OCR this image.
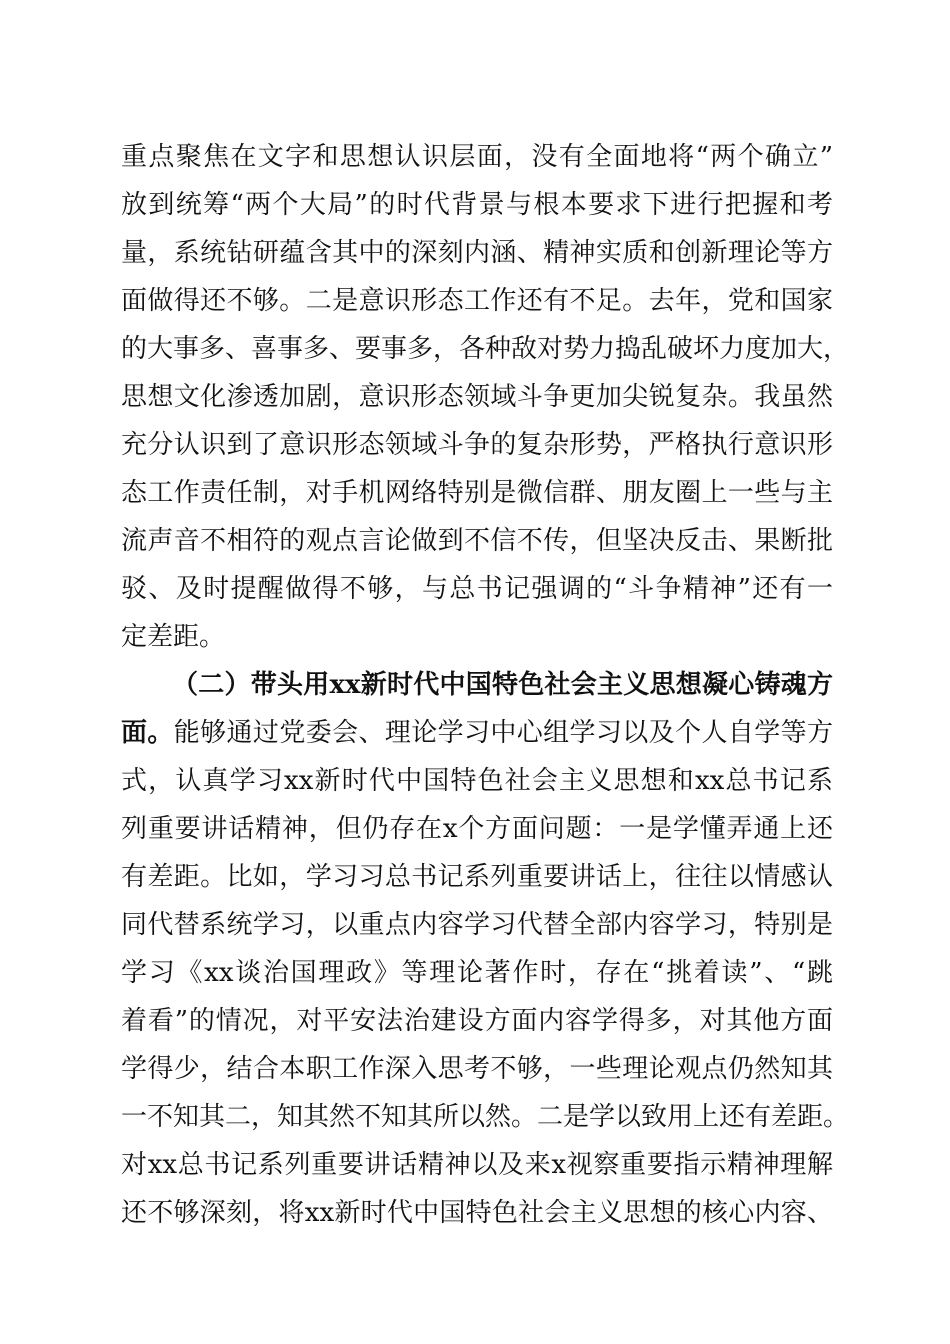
重点聚焦在文字和思想认识层面，没有全面地将“两个确立”
放到统筹“两个大局”的时代背景与根本要求下进行把握和考
量，系统钻研蕴含其中的深刻内涵、精神实质和创新理论等方
面做得还不够。二是意识形态工作还有不足。去年，党和国家
的大事多、喜事多、要事多，各种敌对势力捣乱破坏力度加大，
思想文化渗透加剧，意识形态领域斗争更加尖锐复杂。我虽然
充分认识到了意识形态领域斗争的复杂形势，严格执行意识形
态工作责任制，对手机网络特别是微信群、朋友圈上一些与主
流声音不相符的观点言论做到不信不传，但坚决反击、果断批
驳、及时提醒做得不够，与总书记强调的“斗争精神”还有一
定差距。
（二）带头用xx新时代中国特色社会主义思想凝心铸魂方
面。能够通过党委会、理论学习中心组学习以及个人自学等方
式，认真学习xx新时代中国特色社会主义思想和xx总书记系
列重要讲话精神，但仍存在x个方面问题：一是学懂弄通上还
有差距。比如，学习习总书记系列重要讲话上，往往以情感认
同代替系统学习，以重点内容学习代替全部内容学习，特别是
学习《xx谈治国理政》等理论著作时，存在“挑着读”、“跳
着看”的情况，对平安法治建设方面内容学得多，对其他方面
学得少，结合本职工作深入思考不够，一些理论观点仍然知其
一不知其二，知其然不知其所以然。二是学以致用上还有差距。
对xx总书记系列重要讲话精神以及来x视察重要指示精神理解
还不够深刻，将xx新时代中国特色社会主义思想的核心内容、
